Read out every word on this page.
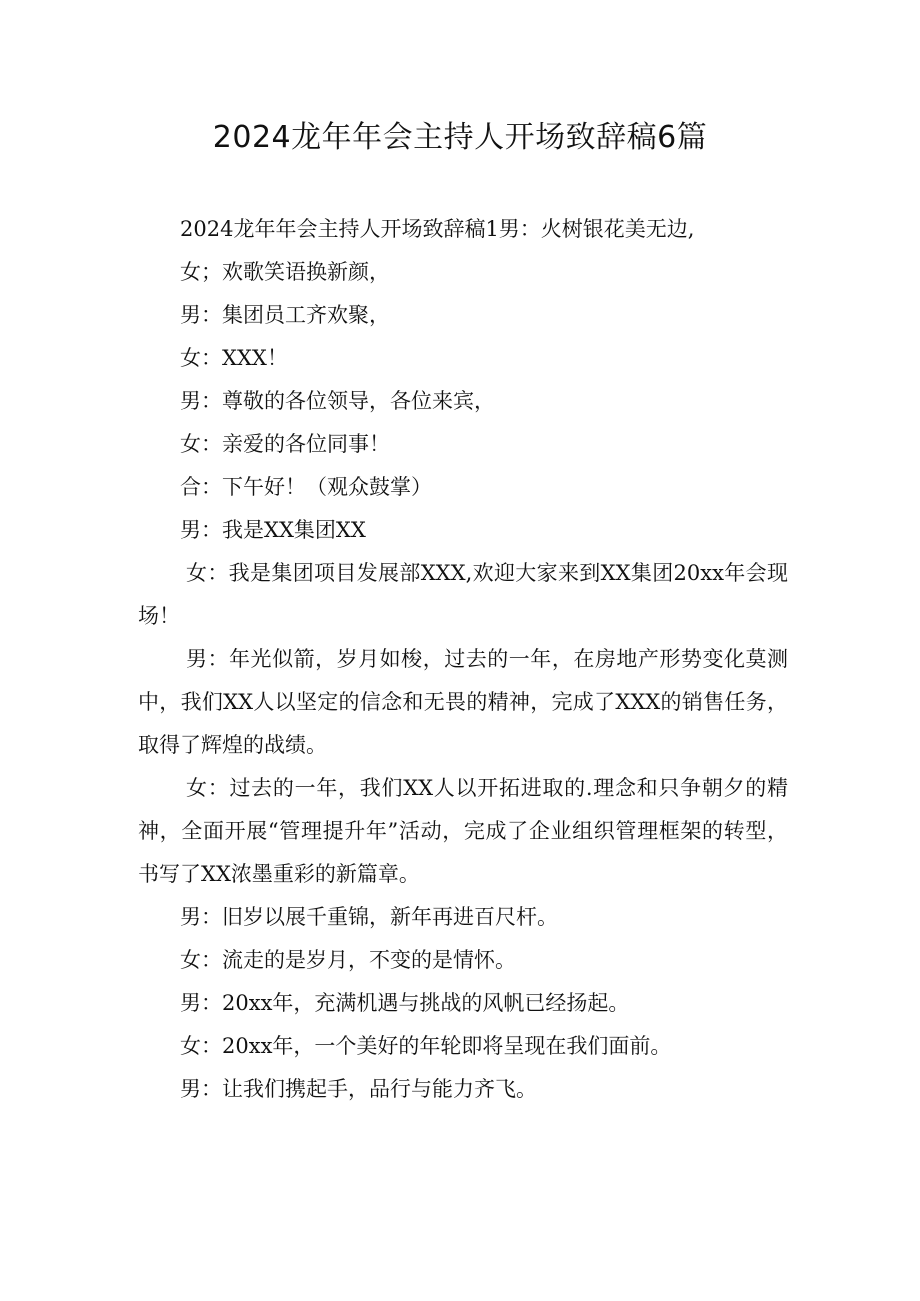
2024龙年年会主持人开场致辞稿6篇

2024龙年年会主持人开场致辞稿1男：火树银花美无边,

女；欢歌笑语换新颜，

男：集团员工齐欢聚，

女：XXX！

男：尊敬的各位领导，各位来宾，

女：亲爱的各位同事！

合：下午好！（观众鼓掌）

男：我是XX集团XX

女：我是集团项目发展部XXX,欢迎大家来到XX集团20xx年会现场！

男：年光似箭，岁月如梭，过去的一年，在房地产形势变化莫测中，我们XX人以坚定的信念和无畏的精神，完成了XXX的销售任务，取得了辉煌的战绩。

女：过去的一年，我们XX人以开拓进取的.理念和只争朝夕的精神，全面开展“管理提升年”活动，完成了企业组织管理框架的转型，书写了XX浓墨重彩的新篇章。

男：旧岁以展千重锦，新年再进百尺杆。

女：流走的是岁月，不变的是情怀。

男：20xx年，充满机遇与挑战的风帆已经扬起。

女：20xx年，一个美好的年轮即将呈现在我们面前。

男：让我们携起手，品行与能力齐飞。
